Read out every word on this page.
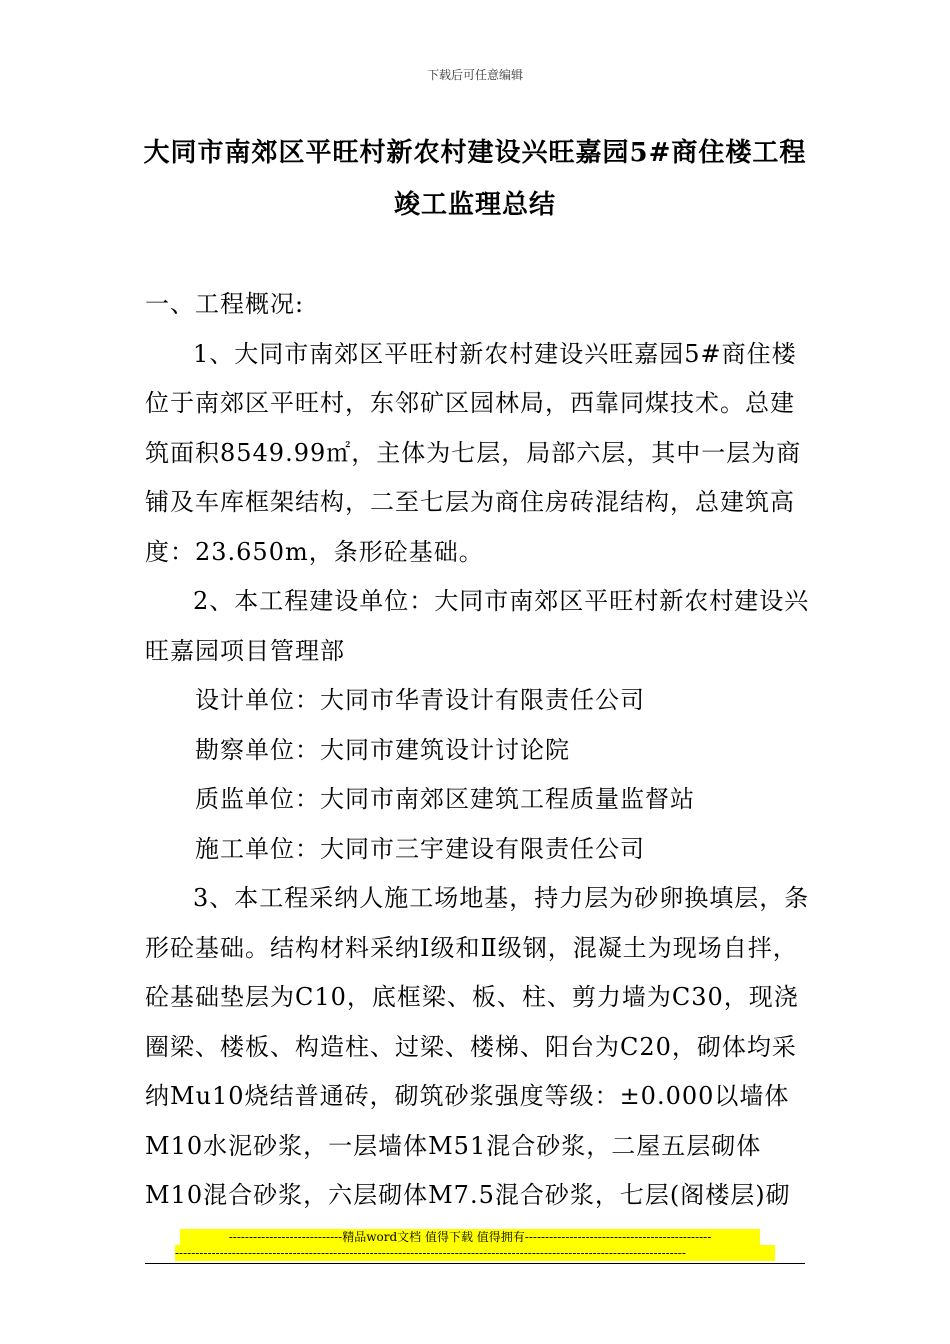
下载后可任意编辑
大同市南郊区平旺村新农村建设兴旺嘉园5#商住楼工程
竣工监理总结

一、工程概况:

1、大同市南郊区平旺村新农村建设兴旺嘉园5#商住楼位于南郊区平旺村，东邻矿区园林局，西靠同煤技术。总建筑面积8549.99㎡，主体为七层，局部六层，其中一层为商铺及车库框架结构，二至七层为商住房砖混结构，总建筑高度：23.650m，条形砼基础。

2、本工程建设单位：大同市南郊区平旺村新农村建设兴旺嘉园项目管理部

设计单位：大同市华青设计有限责任公司

勘察单位：大同市建筑设计讨论院

质监单位：大同市南郊区建筑工程质量监督站

施工单位：大同市三宇建设有限责任公司

3、本工程采纳人施工场地基，持力层为砂卵换填层，条形砼基础。结构材料采纳Ⅰ级和Ⅱ级钢，混凝土为现场自拌，砼基础垫层为C10，底框梁、板、柱、剪力墙为C30，现浇圈梁、楼板、构造柱、过梁、楼梯、阳台为C20，砌体均采纳Mu10烧结普通砖，砌筑砂浆强度等级：±0.000以墙体M10水泥砂浆，一层墙体M51混合砂浆，二屋五层砌体M10混合砂浆，六层砌体M7.5混合砂浆，七层(阁楼层)砌

----------------------------精品word文档 值得下载 值得拥有----------------------------------------------
------------------------------------------------------------------------------------------------------------------------------
